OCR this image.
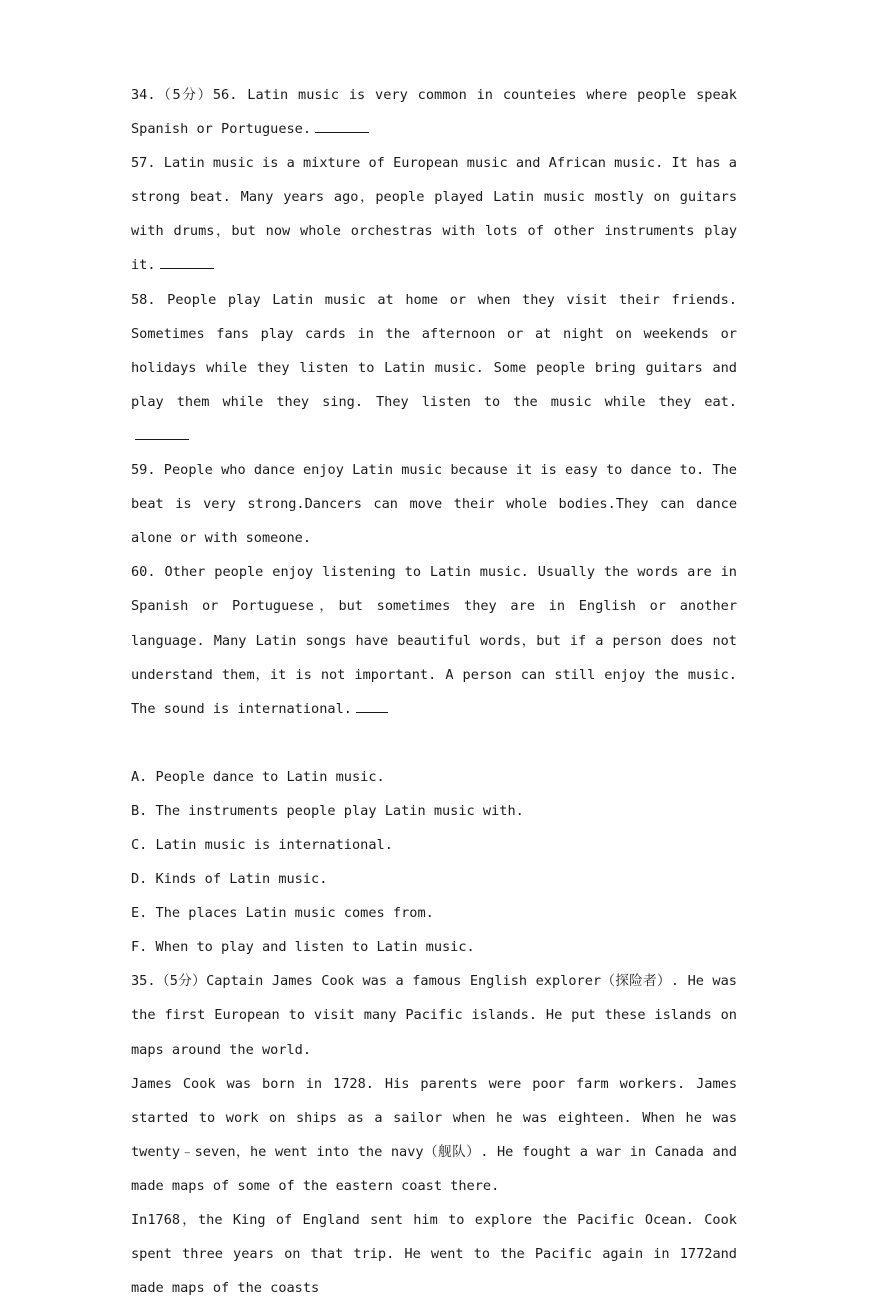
34.（5分）56. Latin music is very common in counteies where people speak Spanish or Portuguese.

57. Latin music is a mixture of European music and African music. It has a strong beat. Many years ago，people played Latin music mostly on guitars with drums，but now whole orchestras with lots of other instruments play it.

58. People play Latin music at home or when they visit their friends. Sometimes fans play cards in the afternoon or at night on weekends or holidays while they listen to Latin music. Some people bring guitars and play them while they sing. They listen to the music while they eat.

59. People who dance enjoy Latin music because it is easy to dance to. The beat is very strong.Dancers can move their whole bodies.They can dance alone or with someone.

60. Other people enjoy listening to Latin music. Usually the words are in Spanish or Portuguese，but sometimes they are in English or another language. Many Latin songs have beautiful words，but if a person does not understand them，it is not important. A person can still enjoy the music. The sound is international.

A. People dance to Latin music.

B. The instruments people play Latin music with.

C. Latin music is international.

D. Kinds of Latin music.

E. The places Latin music comes from.

F. When to play and listen to Latin music.

35.（5分）Captain James Cook was a famous English explorer（探险者）. He was the first European to visit many Pacific islands. He put these islands on maps around the world.

James Cook was born in 1728. His parents were poor farm workers. James started to work on ships as a sailor when he was eighteen. When he was twenty﹣seven，he went into the navy（舰队）. He fought a war in Canada and made maps of some of the eastern coast there.

In1768，the King of England sent him to explore the Pacific Ocean. Cook spent three years on that trip. He went to the Pacific again in 1772and made maps of the coasts
